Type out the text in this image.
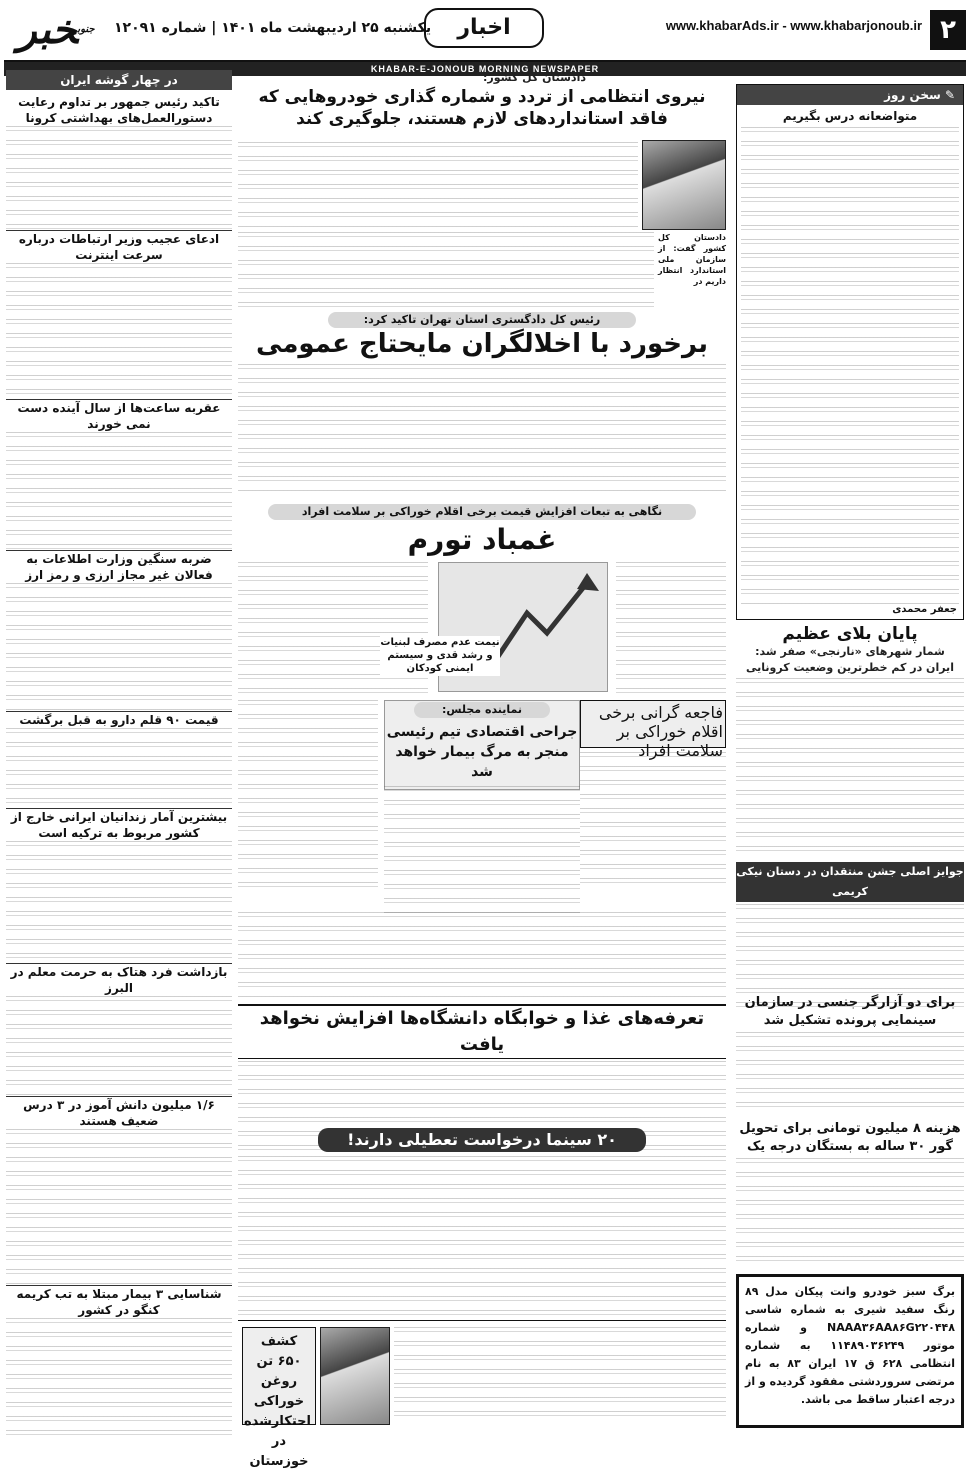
۲
www.khabarAds.ir - www.khabarjonoub.ir
اخبار
یکشنبه ۲۵ اردیبهشت ماه ۱۴۰۱ | شماره ۱۲۰۹۱
$^{جنوب}$خبر
KHABAR-E-JONOUB MORNING NEWSPAPER
✎ سخن روز
متواضعانه درس بگیریم
جعفر محمدی
پایان بلای عظیم
شمار شهرهای «نارنجی» صفر شد:
ایران در کم خطرترین وضعیت کرونایی
جوایز اصلی جشن منتقدان در دستان نیکی کریمی
برای دو آزارگر جنسی در سازمان سینمایی پرونده تشکیل شد
هزینه ۸ میلیون تومانی برای تحویل گور ۳۰ ساله به بستگان درجه یک
برگ سبز خودرو وانت پیکان مدل ۸۹ رنگ سفید شیری به شماره شاسی NAAA۳۶AA۸۶G۲۲۰۴۴۸ و شماره موتور ۱۱۴۸۹۰۳۶۲۴۹ به شماره انتظامی ۶۲۸ ق ۱۷ ایران ۸۳ به نام مرتضی سروردشتی مفقود گردیده و از درجه اعتبار ساقط می باشد.
دادستان کل کشور:
نیروی انتظامی از تردد و شماره گذاری خودروهایی که فاقد استانداردهای لازم هستند، جلوگیری کند
دادستان کل کشور گفت: از سازمان ملی استاندارد انتظار داریم در
رئیس کل دادگستری استان تهران تاکید کرد:
برخورد با اخلالگران مایحتاج عمومی
نگاهی به تبعات افزایش قیمت برخی اقلام خوراکی بر سلامت افراد
غمباد تورم
فاجعه گرانی برخی اقلام خوراکی بر سلامت افراد
نیمت عدم مصرف لبنیات و رشد قدی و سیستم ایمنی کودکان
نماینده مجلس:
جراحی اقتصادی تیم رئیسی منجر به مرگ بیمار خواهد شد
تعرفه‌های غذا و خوابگاه دانشگاه‌ها افزایش نخواهد یافت
۲۰ سینما درخواست تعطیلی دارند!
کشف ۶۵۰ تن روغن خوراکی احتکارشده در خوزستان
در چهار گوشه ایران
تاکید رئیس جمهور بر تداوم رعایت دستورالعمل‌های بهداشتی کرونا
ادعای عجیب وزیر ارتباطات درباره سرعت اینترنت
عقربه ساعت‌ها از سال آینده دست نمی خورند
ضربه سنگین وزارت اطلاعات به فعالان غیر مجاز ارزی و رمز ارز
قیمت ۹۰ قلم دارو به قبل برگشت
بیشترین آمار زندانیان ایرانی خارج از کشور مربوط به ترکیه است
بازداشت فرد هتاک به حرمت معلم در البرز
۱/۶ میلیون دانش آموز در ۳ درس ضعیف هستند
شناسایی ۳ بیمار مبتلا به تب کریمه کنگو در کشور
